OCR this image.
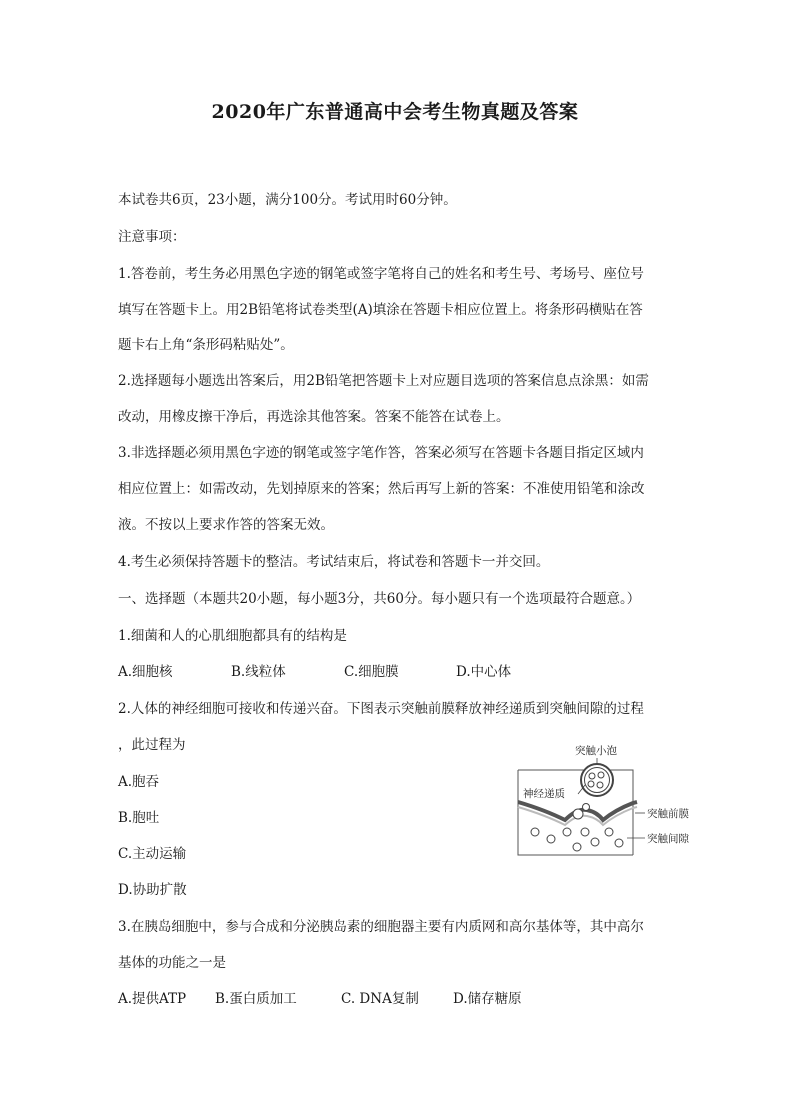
2020年广东普通高中会考生物真题及答案
本试卷共6页，23小题，满分100分。考试用时60分钟。
注意事项：
1.答卷前，考生务必用黑色字迹的钢笔或签字笔将自己的姓名和考生号、考场号、座位号
填写在答题卡上。用2B铅笔将试卷类型(A)填涂在答题卡相应位置上。将条形码横贴在答
题卡右上角“条形码粘贴处”。
2.选择题每小题选出答案后，用2B铅笔把答题卡上对应题目选项的答案信息点涂黑：如需
改动，用橡皮擦干净后，再选涂其他答案。答案不能答在试卷上。
3.非选择题必须用黑色字迹的钢笔或签字笔作答，答案必须写在答题卡各题目指定区域内
相应位置上：如需改动，先划掉原来的答案；然后再写上新的答案：不准使用铅笔和涂改
液。不按以上要求作答的答案无效。
4.考生必须保持答题卡的整洁。考试结束后，将试卷和答题卡一并交回。
一、选择题（本题共20小题，每小题3分，共60分。每小题只有一个选项最符合题意。）
1.细菌和人的心肌细胞都具有的结构是
A.细胞核	B.线粒体	C.细胞膜	D.中心体
2.人体的神经细胞可接收和传递兴奋。下图表示突触前膜释放神经递质到突触间隙的过程
，此过程为
A.胞吞
B.胞吐
C.主动运输
D.协助扩散
突触小泡
神经递质
突触前膜
突触间隙
3.在胰岛细胞中，参与合成和分泌胰岛素的细胞器主要有内质网和高尔基体等，其中高尔
基体的功能之一是
A.提供ATP B.蛋白质加工	C. DNA复制	D.储存糖原
